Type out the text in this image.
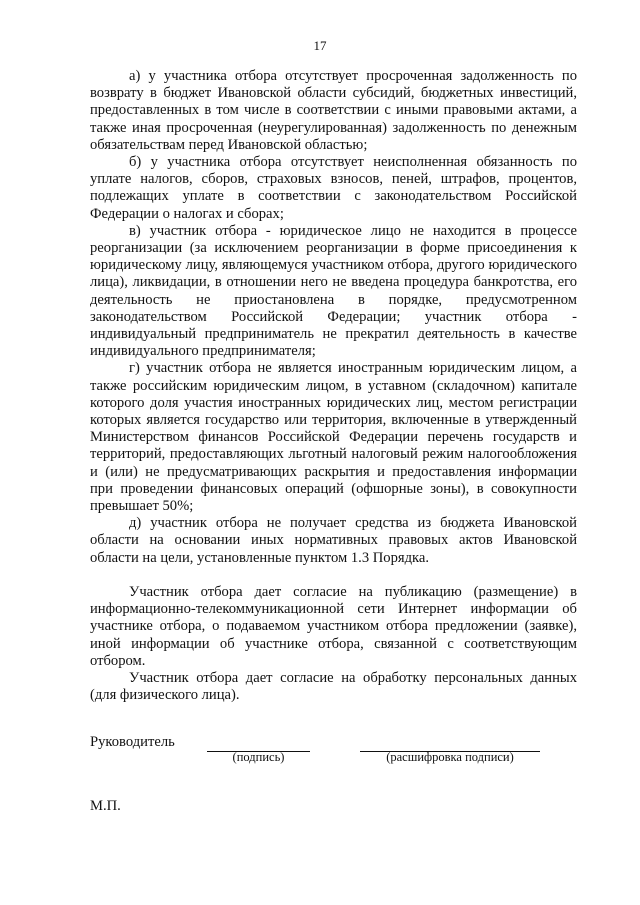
17

а) у участника отбора отсутствует просроченная задолженность по возврату в бюджет Ивановской области субсидий, бюджетных инвестиций, предоставленных в том числе в соответствии с иными правовыми актами, а также иная просроченная (неурегулированная) задолженность по денежным обязательствам перед Ивановской областью;

б) у участника отбора отсутствует неисполненная обязанность по уплате налогов, сборов, страховых взносов, пеней, штрафов, процентов, подлежащих уплате в соответствии с законодательством Российской Федерации о налогах и сборах;

в) участник отбора - юридическое лицо не находится в процессе реорганизации (за исключением реорганизации в форме присоединения к юридическому лицу, являющемуся участником отбора, другого юридического лица), ликвидации, в отношении него не введена процедура банкротства, его деятельность не приостановлена в порядке, предусмотренном законодательством Российской Федерации; участник отбора - индивидуальный предприниматель не прекратил деятельность в качестве индивидуального предпринимателя;

г) участник отбора не является иностранным юридическим лицом, а также российским юридическим лицом, в уставном (складочном) капитале которого доля участия иностранных юридических лиц, местом регистрации которых является государство или территория, включенные в утвержденный Министерством финансов Российской Федерации перечень государств и территорий, предоставляющих льготный налоговый режим налогообложения и (или) не предусматривающих раскрытия и предоставления информации при проведении финансовых операций (офшорные зоны), в совокупности превышает 50%;

д) участник отбора не получает средства из бюджета Ивановской области на основании иных нормативных правовых актов Ивановской области на цели, установленные пунктом 1.3 Порядка.

Участник отбора дает согласие на публикацию (размещение) в информационно-телекоммуникационной сети Интернет информации об участнике отбора, о подаваемом участником отбора предложении (заявке), иной информации об участнике отбора, связанной с соответствующим отбором.

Участник отбора дает согласие на обработку персональных данных (для физического лица).

Руководитель
(подпись)	(расшифровка подписи)
М.П.
